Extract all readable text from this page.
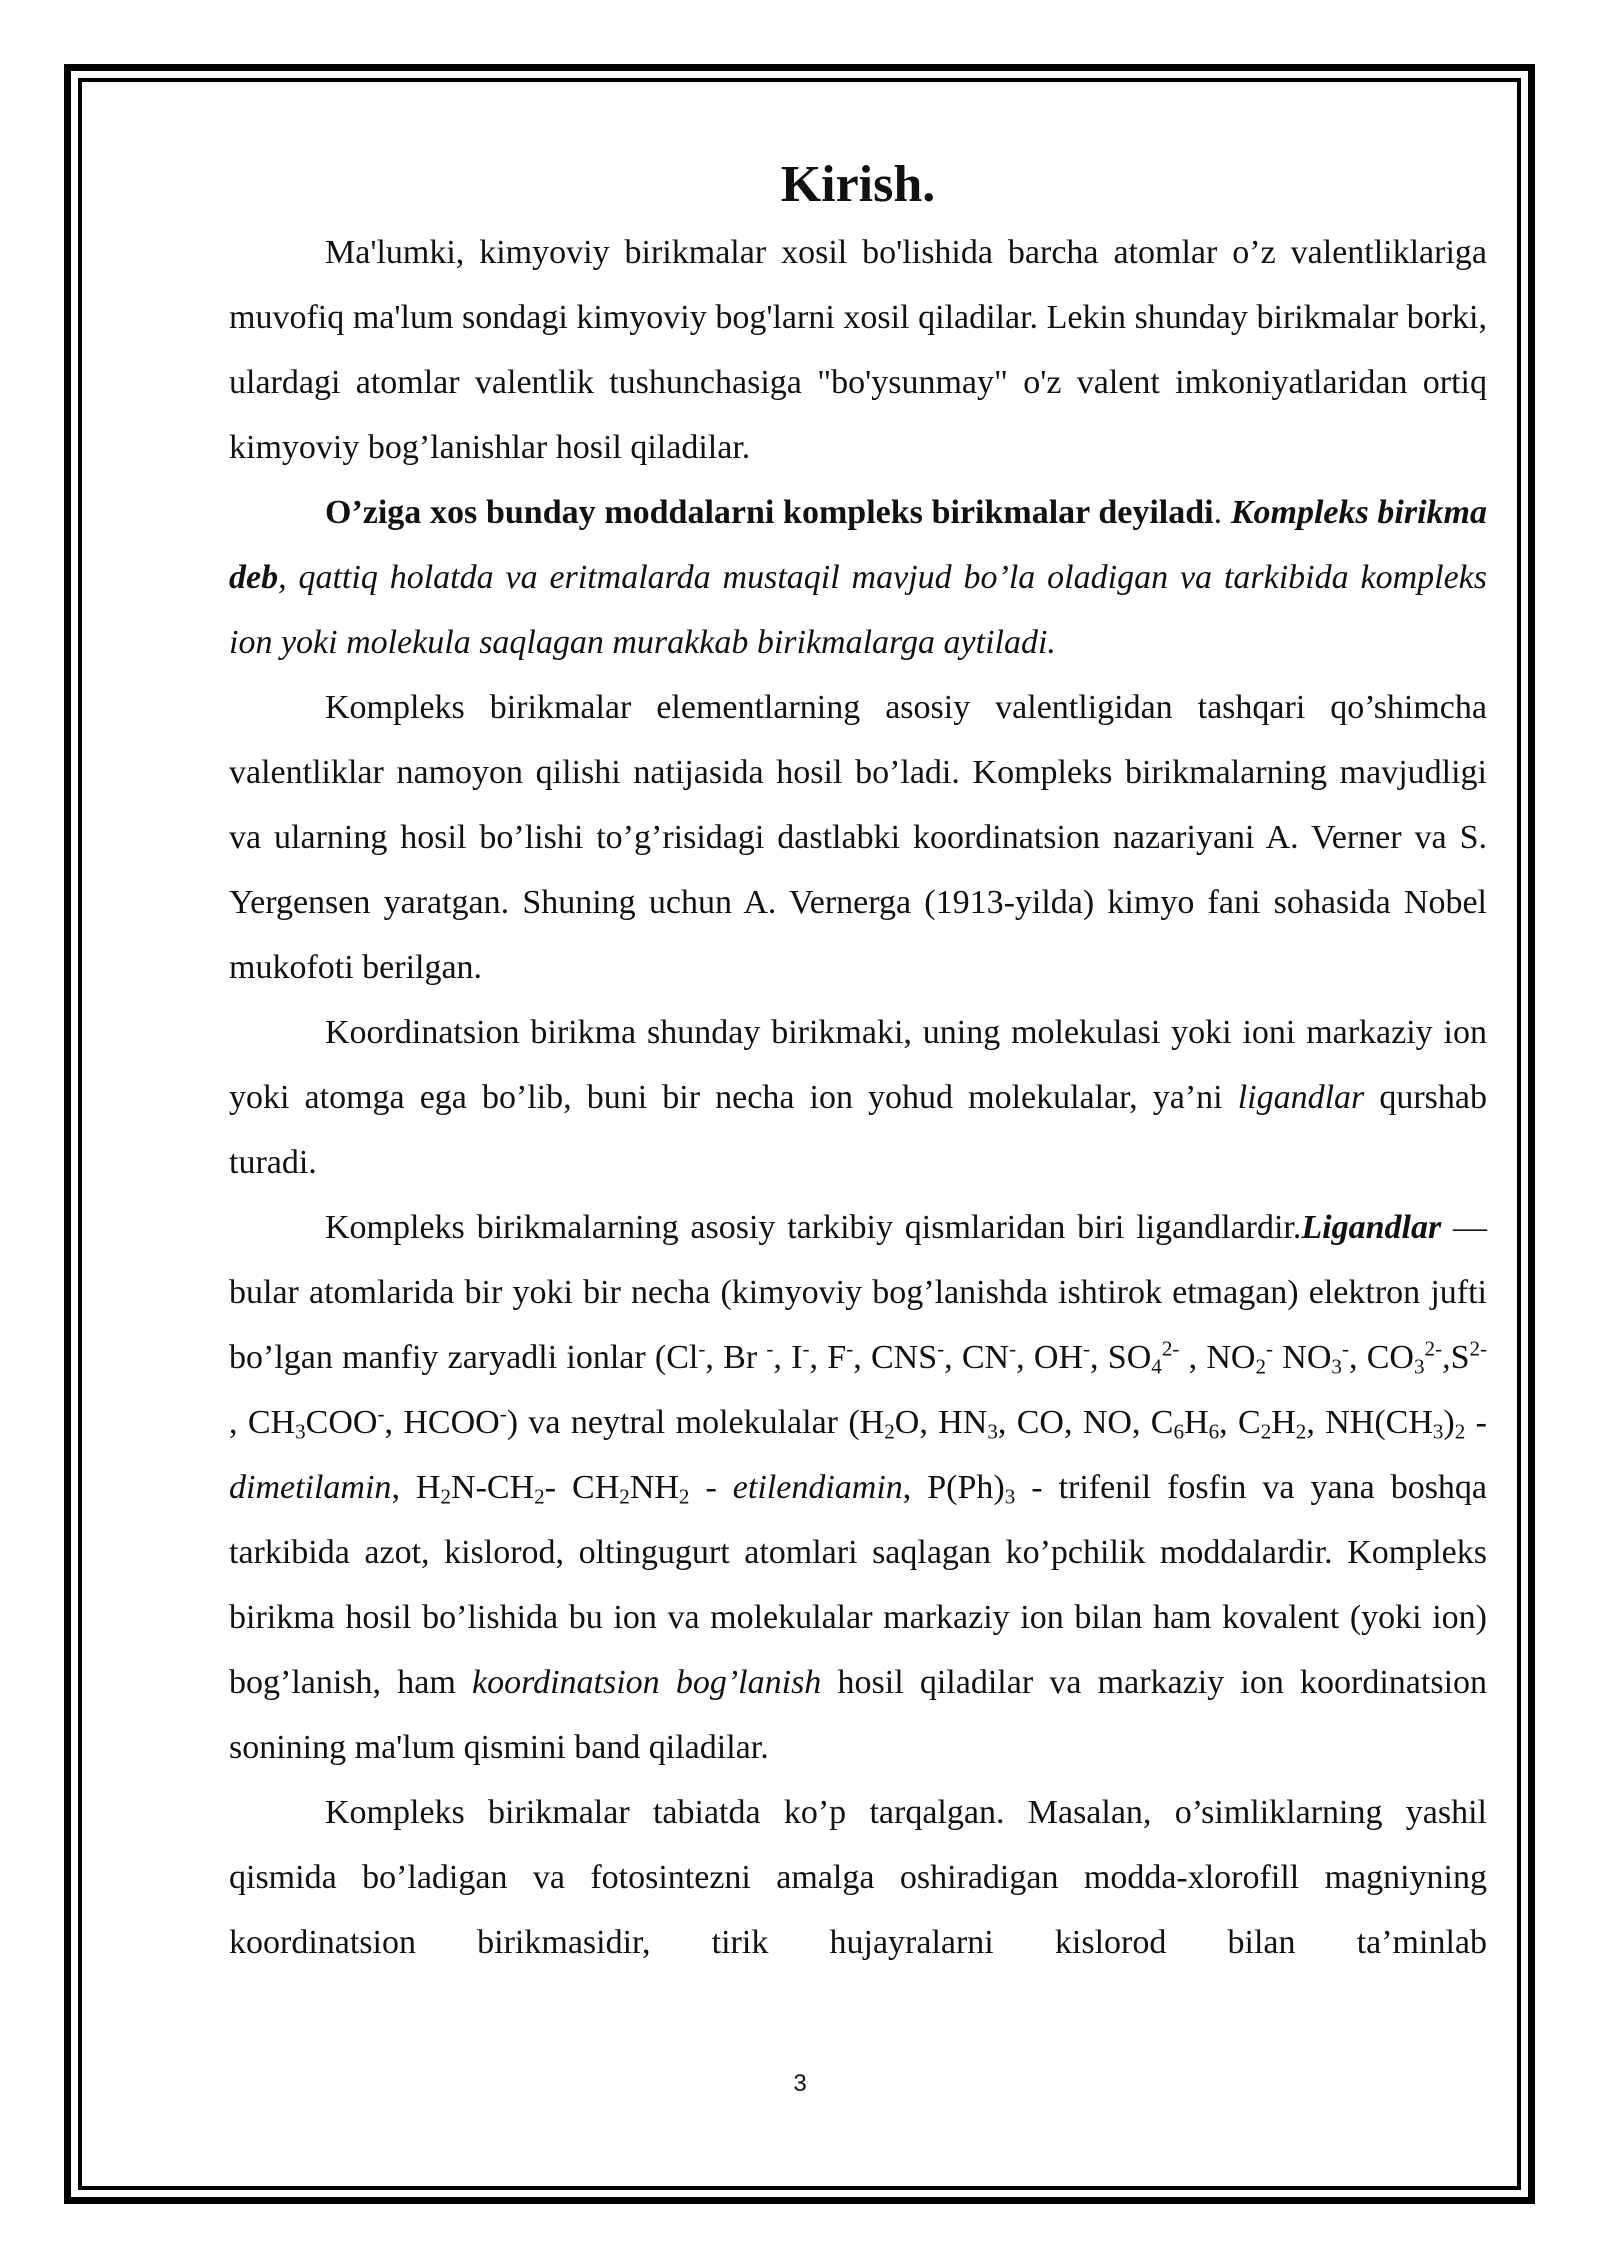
Kirish.

Ma'lumki, kimyoviy birikmalar xosil bo'lishida barcha atomlar o’z valentliklariga muvofiq ma'lum sondagi kimyoviy bog'larni xosil qiladilar. Lekin shunday birikmalar borki, ulardagi atomlar valentlik tushunchasiga "bo'ysunmay" o'z valent imkoniyatlaridan ortiq kimyoviy bog’lanishlar hosil qiladilar.

O’ziga xos bunday moddalarni kompleks birikmalar deyiladi. Kompleks birikma deb, qattiq holatda va eritmalarda mustaqil mavjud bo’la oladigan va tarkibida kompleks ion yoki molekula saqlagan murakkab birikmalarga aytiladi.

Kompleks birikmalar elementlarning asosiy valentligidan tashqari qo’shimcha valentliklar namoyon qilishi natijasida hosil bo’ladi. Kompleks birikmalarning mavjudligi va ularning hosil bo’lishi to’g’risidagi dastlabki koordinatsion nazariyani A. Verner va S. Yergensen yaratgan. Shuning uchun A. Vernerga (1913-yilda) kimyo fani sohasida Nobel mukofoti berilgan.

Koordinatsion birikma shunday birikmaki, uning molekulasi yoki ioni markaziy ion yoki atomga ega bo’lib, buni bir necha ion yohud molekulalar, ya’ni ligandlar qurshab turadi.

Kompleks birikmalarning asosiy tarkibiy qismlaridan biri ligandlardir.Ligandlar — bular atomlarida bir yoki bir necha (kimyoviy bog’lanishda ishtirok etmagan) elektron jufti bo’lgan manfiy zaryadli ionlar (Cl-, Br -, I-, F-, CNS-, CN-, OH-, $SO_4^{2-}$ , $NO_2^-$ $NO_3^-$, $CO_3^{2-},S^{2-}$ , $CH_3COO^-$, HCOO-) va neytral molekulalar ($H_2O$, $HN_3$, CO, NO, $C_6H_6$, $C_2H_2$, $NH(CH_3)_2$ - dimetilamin, $H_2N-CH_2-$ $CH_2NH_2$ - etilendiamin, $P(Ph)_3$ - trifenil fosfin va yana boshqa tarkibida azot, kislorod, oltingugurt atomlari saqlagan ko’pchilik moddalardir. Kompleks birikma hosil bo’lishida bu ion va molekulalar markaziy ion bilan ham kovalent (yoki ion) bog’lanish, ham koordinatsion bog’lanish hosil qiladilar va markaziy ion koordinatsion sonining ma'lum qismini band qiladilar.

Kompleks birikmalar tabiatda ko’p tarqalgan. Masalan, o’simliklarning yashil qismida bo’ladigan va fotosintezni amalga oshiradigan modda-xlorofill magniyning koordinatsion birikmasidir, tirik hujayralarni kislorod bilan ta’minlab

3
